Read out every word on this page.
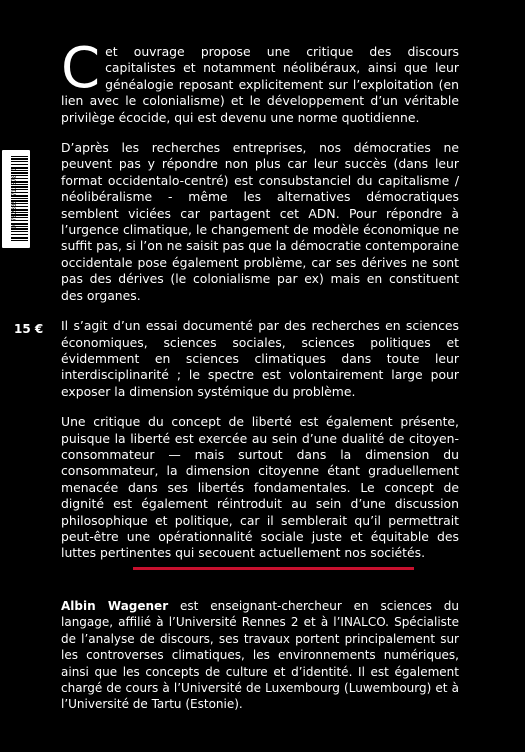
9 782305 712578 1
15 €

Cet ouvrage propose une critique des discours capitalistes et notamment néolibéraux, ainsi que leur généalogie reposant explicitement sur l’exploitation (en lien avec le colonialisme) et le développement d’un véritable privilège écocide, qui est devenu une norme quotidienne.

D’après les recherches entreprises, nos démocraties ne peuvent pas y répondre non plus car leur succès (dans leur format occidentalo-centré) est consubstanciel du capitalisme / néolibéralisme - même les alternatives démocratiques semblent viciées car partagent cet ADN. Pour répondre à l’urgence climatique, le changement de modèle économique ne suffit pas, si l’on ne saisit pas que la démocratie contemporaine occidentale pose également problème, car ses dérives ne sont pas des dérives (le colonialisme par ex) mais en constituent des organes.

Il s’agit d’un essai documenté par des recherches en sciences économiques, sciences sociales, sciences politiques et évidemment en sciences climatiques dans toute leur interdisciplinarité ; le spectre est volontairement large pour exposer la dimension systémique du problème.

Une critique du concept de liberté est également présente, puisque la liberté est exercée au sein d’une dualité de citoyen-consommateur — mais surtout dans la dimension du consommateur, la dimension citoyenne étant graduellement menacée dans ses libertés fondamentales. Le concept de dignité est également réintroduit au sein d’une discussion philosophique et politique, car il semblerait qu’il permettrait peut-être une opérationnalité sociale juste et équitable des luttes pertinentes qui secouent actuellement nos sociétés.

Albin Wagener est enseignant-chercheur en sciences du langage, affilié à l’Université Rennes 2 et à l’INALCO. Spécialiste de l’analyse de discours, ses travaux portent principalement sur les controverses climatiques, les environnements numériques, ainsi que les concepts de culture et d’identité. Il est également chargé de cours à l’Université de Luxembourg (Luwembourg) et à l’Université de Tartu (Estonie).
